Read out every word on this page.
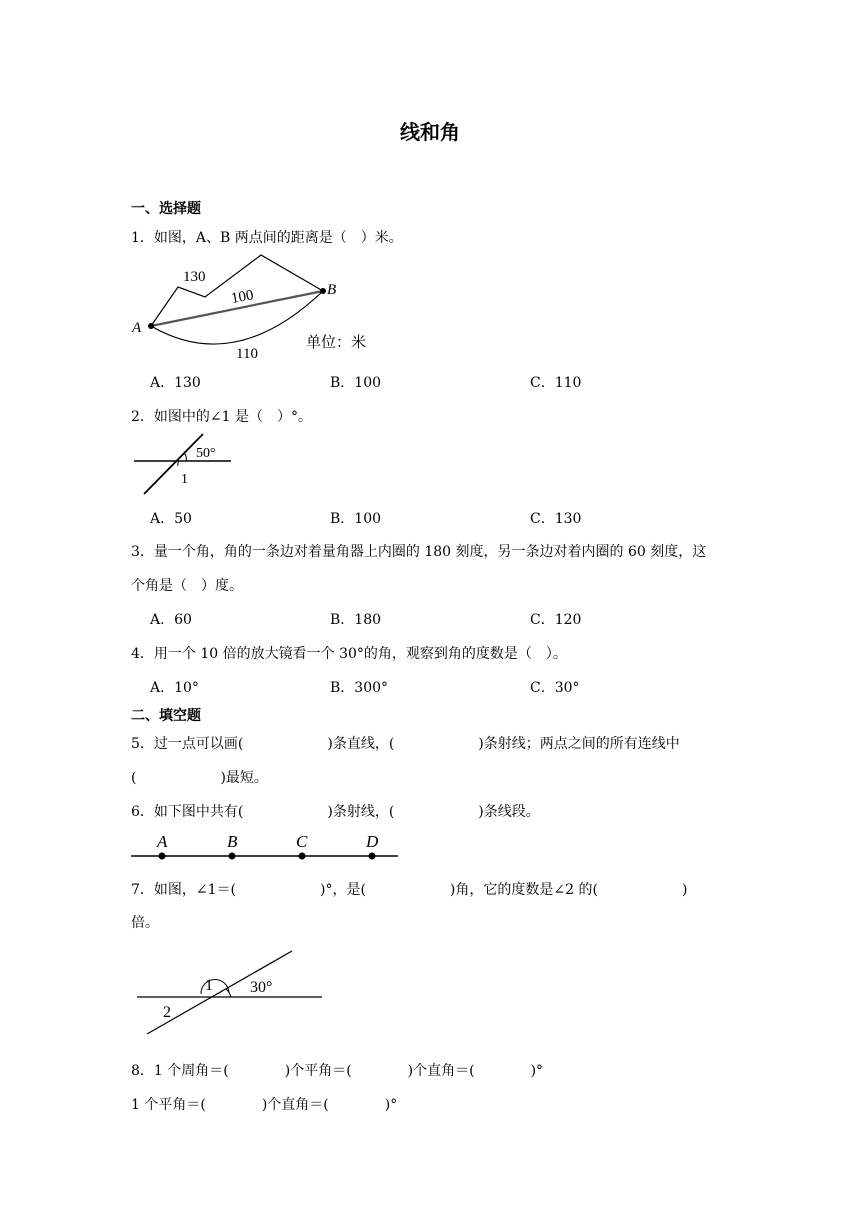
线和角
一、选择题
1．如图，A、B 两点间的距离是（　）米。
A
B
130
100
110
单位：米
A．130	B．100	C．110
2．如图中的∠1 是（　）°。
50°
1
A．50	B．100	C．130
3．量一个角，角的一条边对着量角器上内圈的 180 刻度，另一条边对着内圈的 60 刻度，这
个角是（　）度。
A．60	B．180	C．120
4．用一个 10 倍的放大镜看一个 30°的角，观察到角的度数是（　）。
A．10°	B．300°	C．30°
二、填空题
5．过一点可以画(　　　　　　)条直线，(　　　　　　)条射线；两点之间的所有连线中
(　　　　　　)最短。
6．如下图中共有(　　　　　　)条射线，(　　　　　　)条线段。
A	B	C	D
7．如图，∠1＝(　　　　　　)°，是(　　　　　　)角，它的度数是∠2 的(　　　　　　)
倍。
1
2
30°
8．1 个周角＝(　　　　)个平角＝(　　　　)个直角＝(　　　　)°
1 个平角＝(　　　　)个直角＝(　　　　)°
